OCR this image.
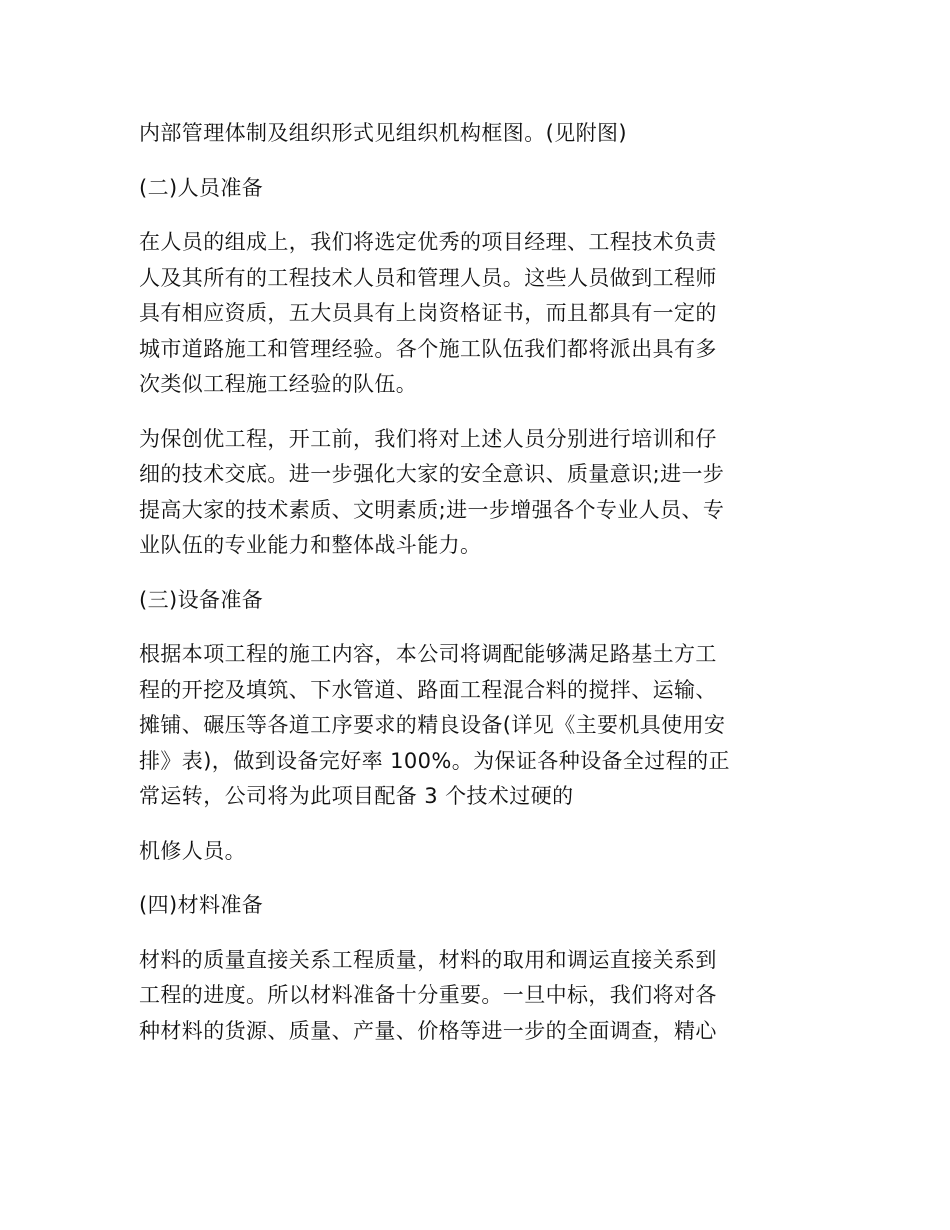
内部管理体制及组织形式见组织机构框图。(见附图)

(二)人员准备

在人员的组成上，我们将选定优秀的项目经理、工程技术负责
人及其所有的工程技术人员和管理人员。这些人员做到工程师
具有相应资质，五大员具有上岗资格证书，而且都具有一定的
城市道路施工和管理经验。各个施工队伍我们都将派出具有多
次类似工程施工经验的队伍。
为保创优工程，开工前，我们将对上述人员分别进行培训和仔
细的技术交底。进一步强化大家的安全意识、质量意识;进一步
提高大家的技术素质、文明素质;进一步增强各个专业人员、专
业队伍的专业能力和整体战斗能力。

(三)设备准备

根据本项工程的施工内容，本公司将调配能够满足路基土方工
程的开挖及填筑、下水管道、路面工程混合料的搅拌、运输、
摊铺、碾压等各道工序要求的精良设备(详见《主要机具使用安
排》表)，做到设备完好率 100%。为保证各种设备全过程的正
常运转，公司将为此项目配备 3 个技术过硬的

机修人员。

(四)材料准备

材料的质量直接关系工程质量，材料的取用和调运直接关系到
工程的进度。所以材料准备十分重要。一旦中标，我们将对各
种材料的货源、质量、产量、价格等进一步的全面调查，精心
